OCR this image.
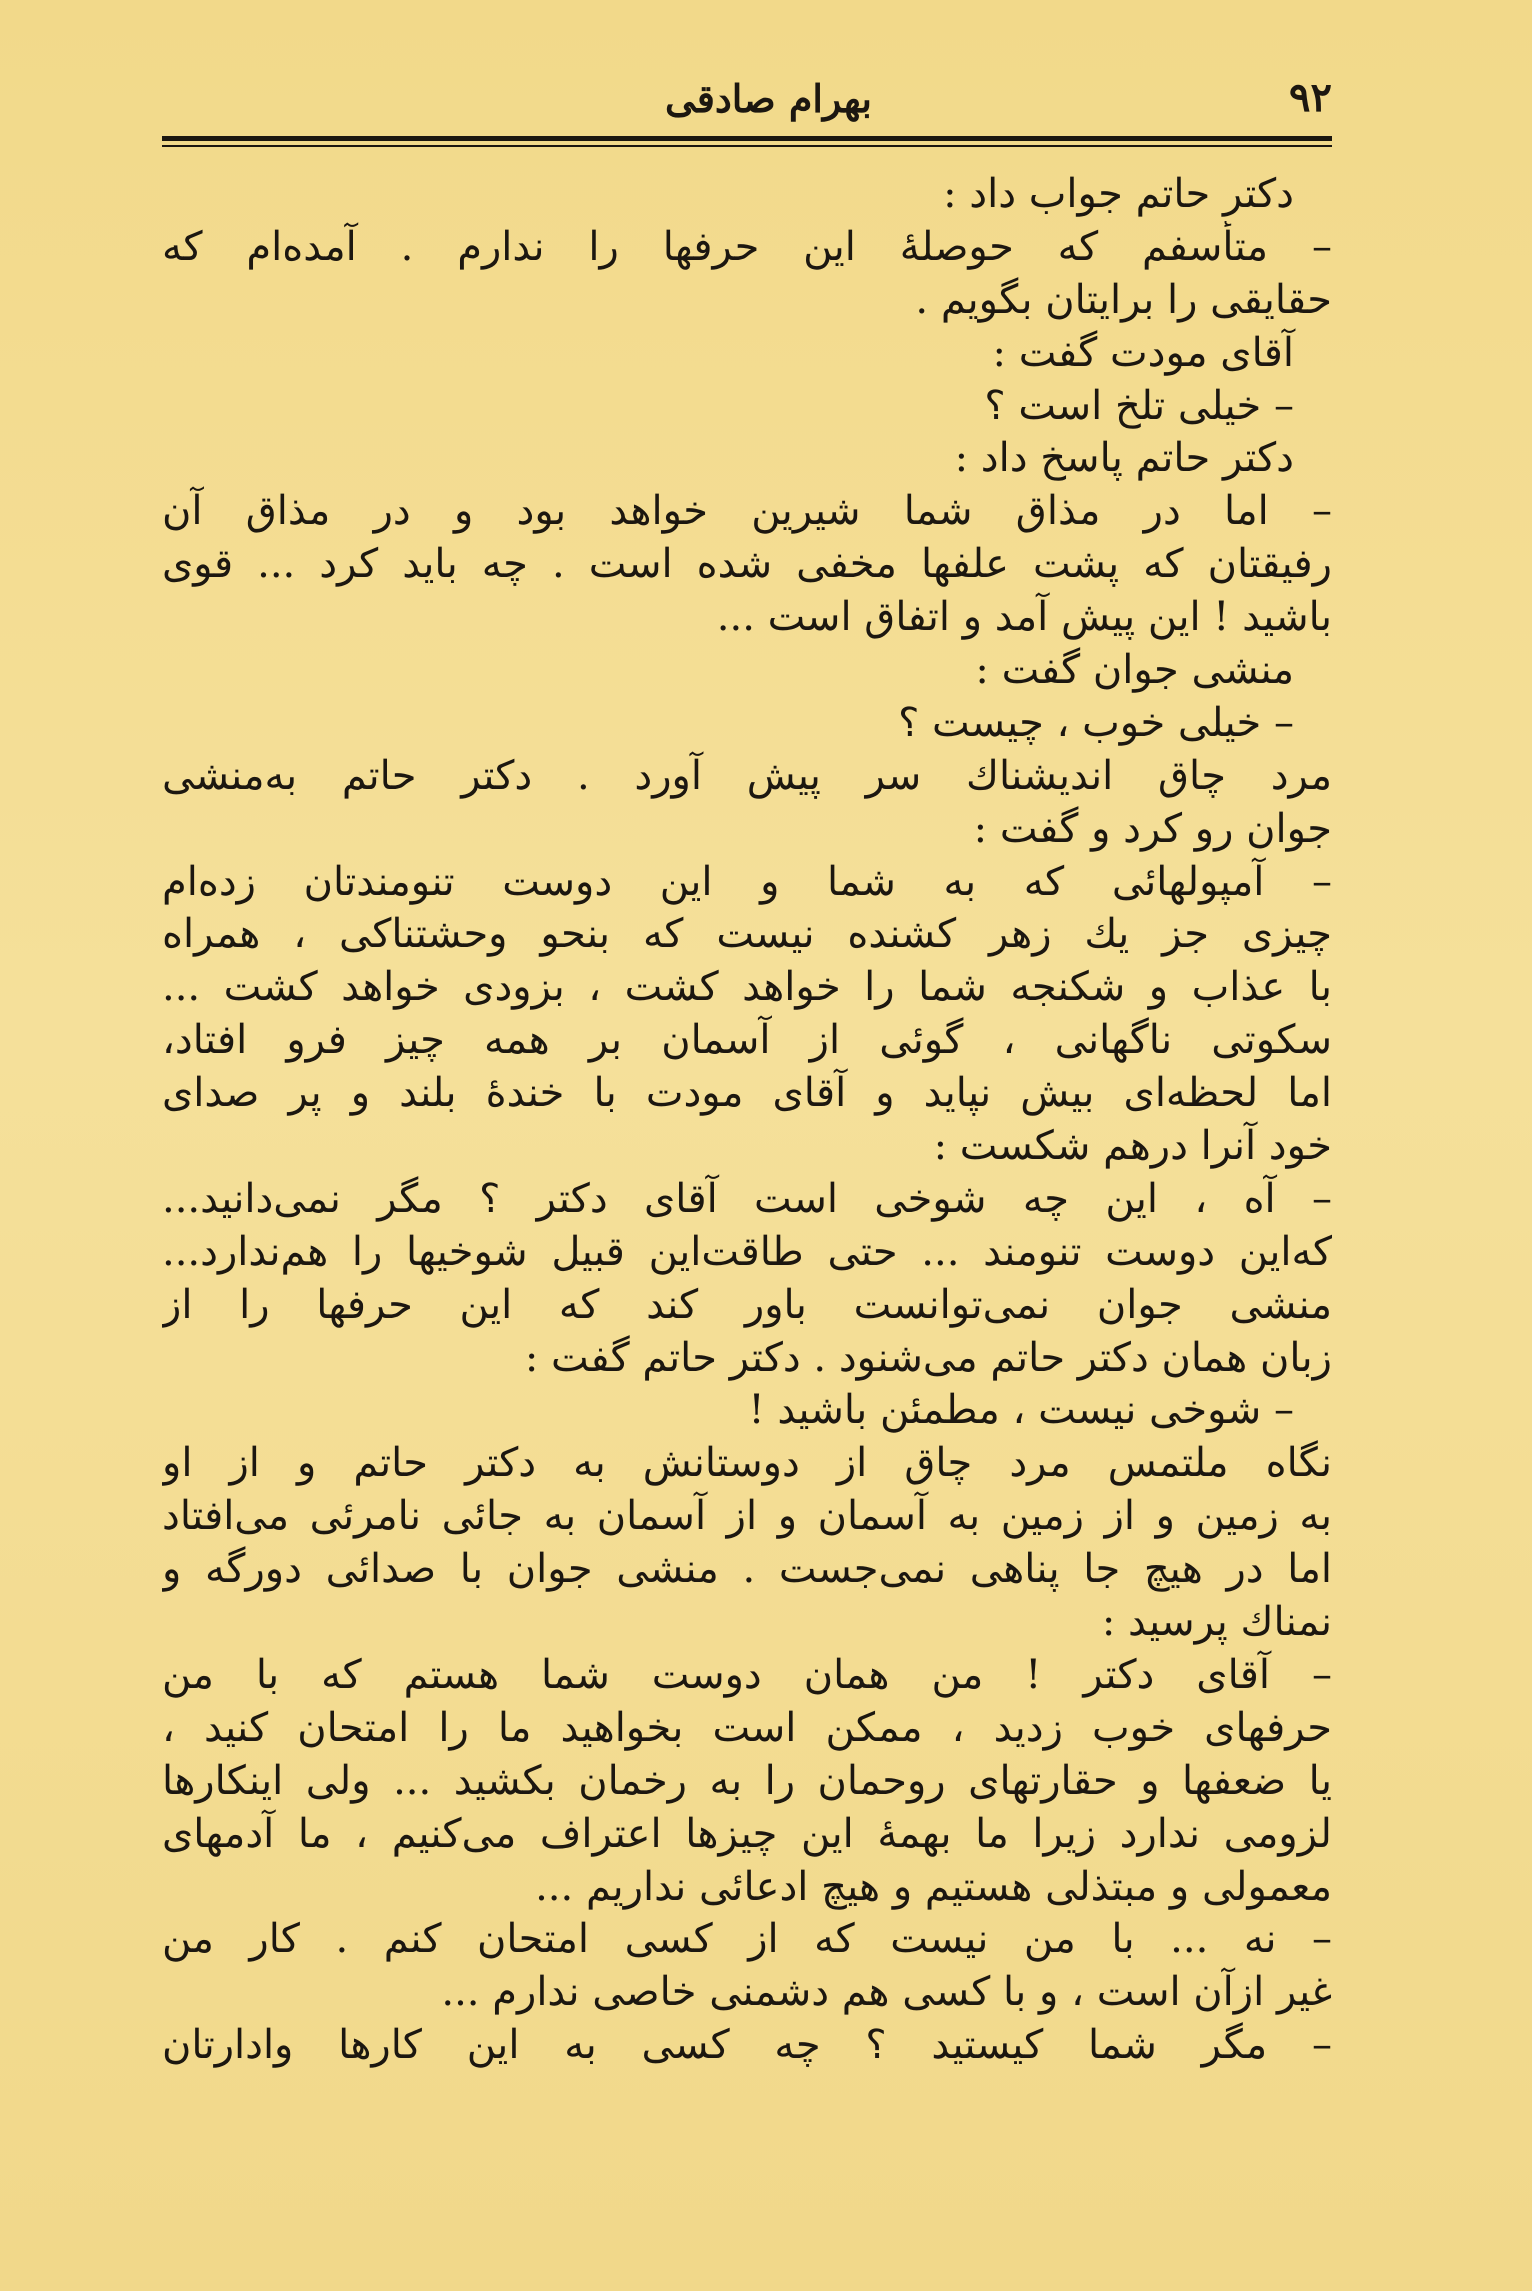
۹۲
بهرام صادقی
دکتر حاتم جواب داد :
– متأسفم که حوصلهٔ این حرفها را ندارم . آمده‌ام که
حقایقی را برایتان بگویم .
آقای مودت گفت :
– خیلی تلخ است ؟
دکتر حاتم پاسخ داد :
– اما در مذاق شما شیرین خواهد بود و در مذاق آن
رفیقتان که پشت علفها مخفی شده است . چه باید کرد ... قوی
باشید ! این پیش آمد و اتفاق است ...
منشی جوان گفت :
– خیلی خوب ، چیست ؟
مرد چاق اندیشناك سر پیش آورد . دکتر حاتم به‌منشی
جوان رو کرد و گفت :
– آمپولهائی که به شما و این دوست تنومندتان زده‌ام
چیزی جز يك زهر کشنده نیست که بنحو وحشتناکی ، همراه
با عذاب و شکنجه شما را خواهد کشت ، بزودی خواهد کشت ...
سکوتی ناگهانی ، گوئی از آسمان بر همه چیز فرو افتاد،
اما لحظه‌ای بیش نپاید و آقای مودت با خندهٔ بلند و پر صدای
خود آنرا درهم شکست :
– آه ، این چه شوخی است آقای دکتر ؟ مگر نمی‌دانید...
که‌این دوست تنومند ... حتی طاقت‌این قبیل شوخیها را هم‌ندارد...
منشی جوان نمی‌توانست باور کند که این حرفها را از
زبان همان دکتر حاتم می‌شنود . دکتر حاتم گفت :
– شوخی نیست ، مطمئن باشید !
نگاه ملتمس مرد چاق از دوستانش به دکتر حاتم و از او
به زمین و از زمین به آسمان و از آسمان به جائی نامرئی می‌افتاد
اما در هیچ جا پناهی نمی‌جست . منشی جوان با صدائی دورگه و
نمناك پرسید :
– آقای دکتر ! من همان دوست شما هستم که با من
حرفهای خوب زدید ، ممکن است بخواهید ما را امتحان کنید ،
یا ضعفها و حقارتهای روحمان را به رخمان بکشید ... ولی اینکارها
لزومی ندارد زیرا ما بهمهٔ این چیزها اعتراف می‌کنیم ، ما آدمهای
معمولی و مبتذلی هستیم و هیچ ادعائی نداریم ...
– نه ... با من نیست که از کسی امتحان کنم . کار من
غیر ازآن است ، و با کسی هم دشمنی خاصی ندارم ...
– مگر شما کیستید ؟ چه کسی به این کارها وادارتان
